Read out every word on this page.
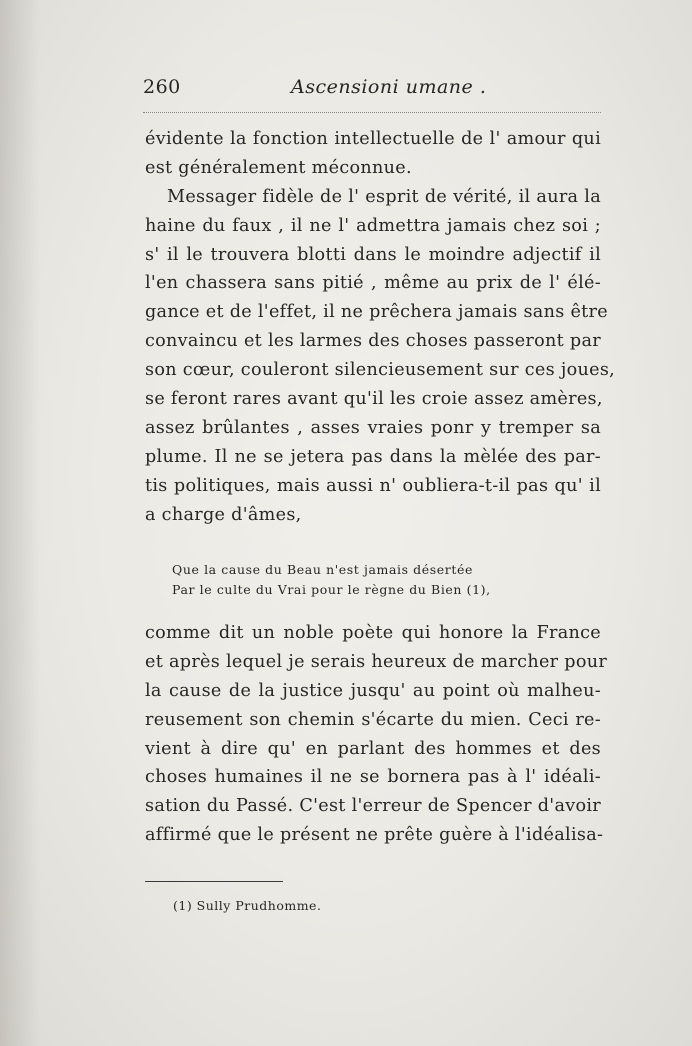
260	Ascensioni umane .
évidente la fonction intellectuelle de l' amour qui
est généralement méconnue.
Messager fidèle de l' esprit de vérité, il aura la
haine du faux , il ne l' admettra jamais chez soi ;
s' il le trouvera blotti dans le moindre adjectif il
l'en chassera sans pitié , même au prix de l' élé-
gance et de l'effet, il ne prêchera jamais sans être
convaincu et les larmes des choses passeront par
son cœur, couleront silencieusement sur ces joues,
se feront rares avant qu'il les croie assez amères,
assez brûlantes , asses vraies ponr y tremper sa
plume. Il ne se jetera pas dans la mèlée des par-
tis politiques, mais aussi n' oubliera-t-il pas qu' il
a charge d'âmes,
Que la cause du Beau n'est jamais désertée
Par le culte du Vrai pour le règne du Bien (1),
comme dit un noble poète qui honore la France
et après lequel je serais heureux de marcher pour
la cause de la justice jusqu' au point où malheu-
reusement son chemin s'écarte du mien. Ceci re-
vient à dire qu' en parlant des hommes et des
choses humaines il ne se bornera pas à l' idéali-
sation du Passé. C'est l'erreur de Spencer d'avoir
affirmé que le présent ne prête guère à l'idéalisa-
(1) Sully Prudhomme.
